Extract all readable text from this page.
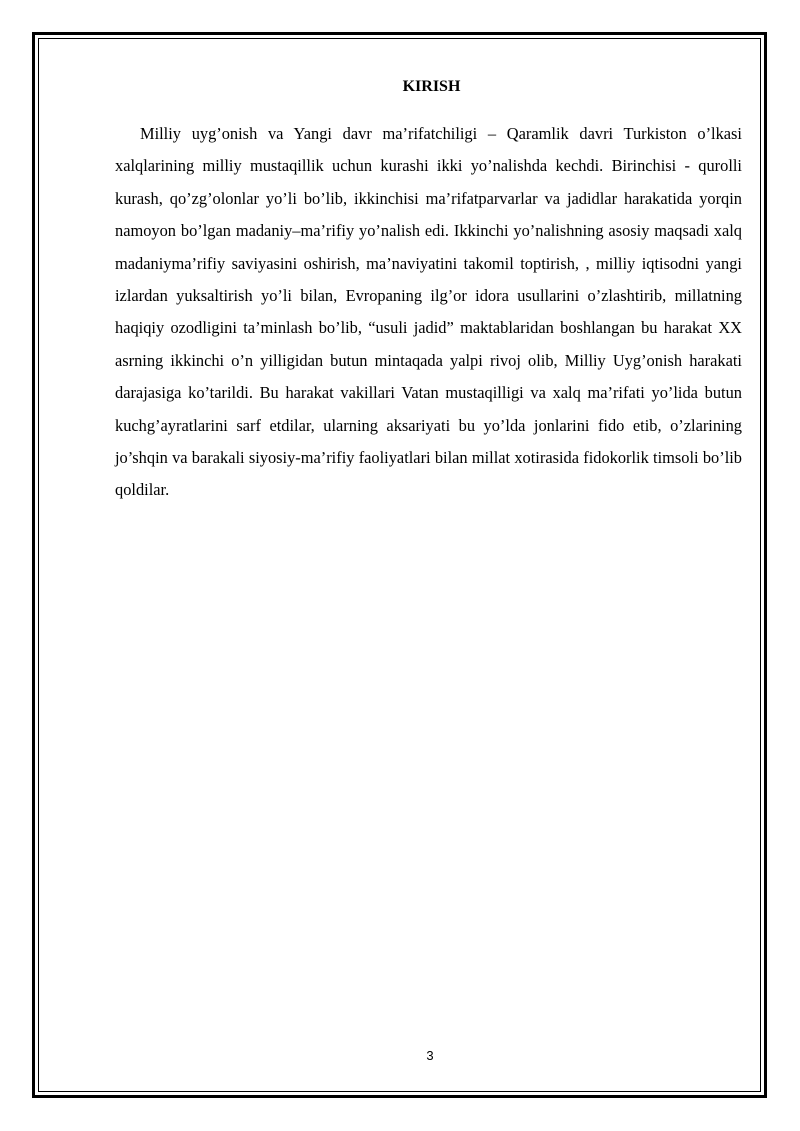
KIRISH

Milliy uyg’onish va Yangi davr ma’rifatchiligi – Qaramlik davri Turkiston o’lkasi xalqlarining milliy mustaqillik uchun kurashi ikki yo’nalishda kechdi. Birinchisi - qurolli kurash, qo’zg’olonlar yo’li bo’lib, ikkinchisi ma’rifatparvarlar va jadidlar harakatida yorqin namoyon bo’lgan madaniy–ma’rifiy yo’nalish edi. Ikkinchi yo’nalishning asosiy maqsadi xalq madaniyma’rifiy saviyasini oshirish, ma’naviyatini takomil toptirish, , milliy iqtisodni yangi izlardan yuksaltirish yo’li bilan, Evropaning ilg’or idora usullarini o’zlashtirib, millatning haqiqiy ozodligini ta’minlash bo’lib, “usuli jadid” maktablaridan boshlangan bu harakat XX asrning ikkinchi o’n yilligidan butun mintaqada yalpi rivoj olib, Milliy Uyg’onish harakati darajasiga ko’tarildi. Bu harakat vakillari Vatan mustaqilligi va xalq ma’rifati yo’lida butun kuchg’ayratlarini sarf etdilar, ularning aksariyati bu yo’lda jonlarini fido etib, o’zlarining jo’shqin va barakali siyosiy-ma’rifiy faoliyatlari bilan millat xotirasida fidokorlik timsoli bo’lib qoldilar.

3
